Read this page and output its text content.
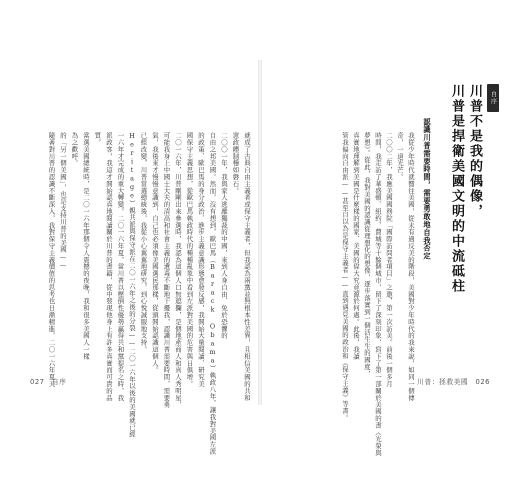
就成了古典自由主義者或保守主義者，但我認為兩黨並無根本性差異，且相信美國的共和
憲政體制穩如磐石。
二〇〇一年，我與家人逃離獨裁的中國，來到人身自由、免於恐懼的
自由之邦美國。然而，沒有想到，歐巴馬（Barack Obama）執政八年，讓我對美國左派
的政策、歐巴馬的身分政治、進步主義意識形態愈發反感，我開始大量閱讀、研究美
國保守主義思想，從歐巴馬執政時代的種種亂象中看到左派對美國的危害與日俱增。
二〇一六年，川普剛剛出來參選時，我認為這個人口無遮攔，是個地產商人和真人秀明星，
可能我身上中國士大夫的清高和社會主義的遺毒不斷地干擾我，認識川普需要時間，需要勇
氣，我後來才慢慢意識到，自己也必須像美國選民那樣，從頭開始認識這個人。
已經改變，川普當選總統後，我從小心翼翼地研究，到心悅誠服地支持。
Heritage）親共派與保守派在二〇一六年之後的分裂——二〇一六年以後的美國就已經
一六年才完成的重大轉變。二〇一六年夏，當川普以壓倒性優勢贏得共和黨提名之時，我
派政客，我這才開始認真地閱讀關於川普的書籍，從中發現他身上有許多真實而可貴的品
質。
當選美國總統時，是二〇一六年那個令人震撼的夜晚，我和很多美國人一樣
為之歡呼。
的「另一個美國」，也是支持川普的美國——
隨著對川普的認識不斷深入，我對保守主義價值的思考也日漸精進，二〇一六年夏天
027　自序
自序
川普不是我的偶像，
川普是捍衛美國文明的中流砥柱
認識川普需要時間，需要勇敢地自我否定
我從少年時代就嚮往美國，從未有過反美的階段，美國對少年時代的我來說，如同一個傳
奇，一道光芒。
二〇〇二年，我應美國國務院「國際訪問者項目」之邀，第一次訪美。前後一個多月
時間，我走訪了華盛頓、紐約、費城等十餘個城市，留下了深刻印象，寫下了第一部關於美國的書《光榮與
夢想》。從此，我對美國的認識從理想化的想像，逐步落實到一個活生生的國度，
真實地理解到美國是什麼樣的國家、美國的偉大究竟源於何處。此後，我讀
管我偏向自由派——甚至自以為是保守主義者——直到遇見美國的政治和《保守主義》等書。	川普：拯救美國　026
